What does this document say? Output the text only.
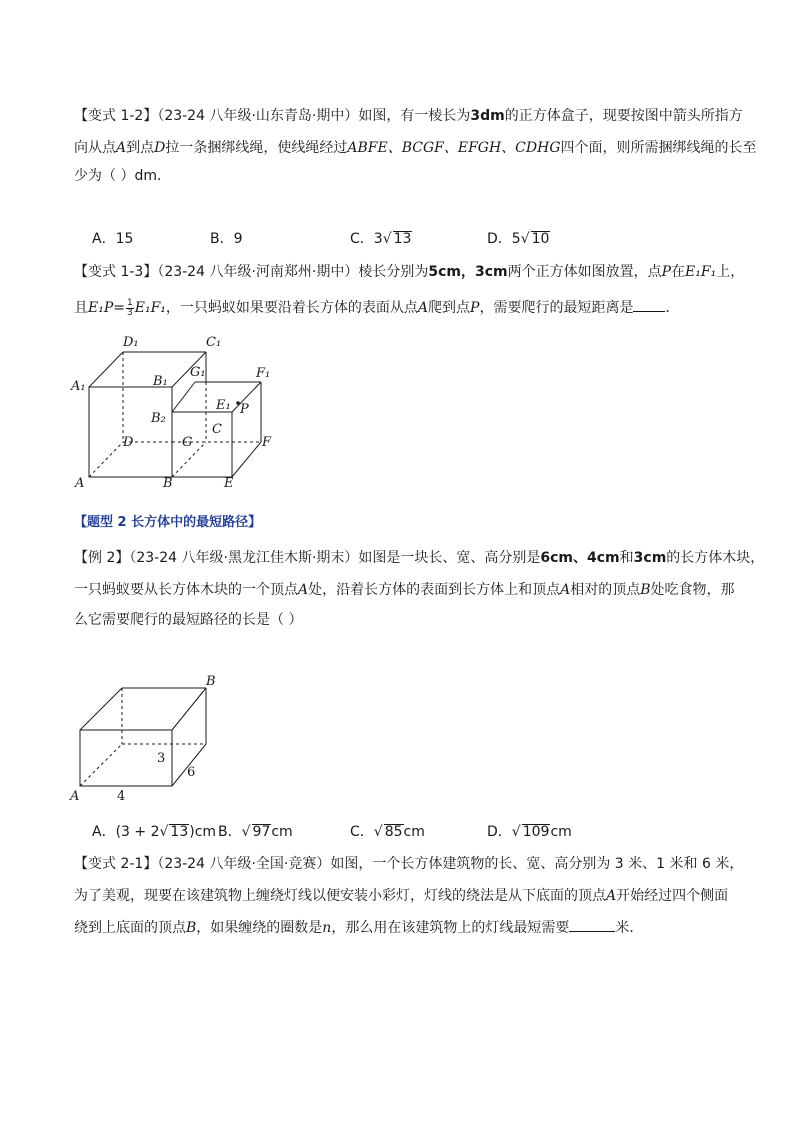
【变式 1-2】（23-24 八年级·山东青岛·期中）如图，有一棱长为3dm的正方体盒子，现要按图中箭头所指方
向从点A到点D拉一条捆绑线绳，使线绳经过ABFE、BCGF、EFGH、CDHG四个面，则所需捆绑线绳的长至
少为（ ）dm．
A．15	B．9	C．3√ 13	D．5√ 10
【变式 1-3】（23-24 八年级·河南郑州·期中）棱长分别为5cm，3cm两个正方体如图放置，点P在E₁F₁上，
且$E_1P= \frac{1}{3} E_1F_1$，一只蚂蚁如果要沿着长方体的表面从点A爬到点P，需要爬行的最短距离是 ．
D₁	C₁
F₁
A₁	B₁
G₁
E₁ P
B₂
C
D	G	F
A	B	E
【题型 2 长方体中的最短路径】
【例 2】（23-24 八年级·黑龙江佳木斯·期末）如图是一块长、宽、高分别是6cm、4cm和3cm的长方体木块，
一只蚂蚁要从长方体木块的一个顶点A处，沿着长方体的表面到长方体上和顶点A相对的顶点B处吃食物，那
么它需要爬行的最短路径的长是（ ）
B
A
3
6
4
A．(3 + 2√ 13)cm B．√ 97cm	C．√ 85cm	D．√ 109cm
【变式 2-1】（23-24 八年级·全国·竞赛）如图，一个长方体建筑物的长、宽、高分别为 3 米、1 米和 6 米，
为了美观，现要在该建筑物上缠绕灯线以便安装小彩灯，灯线的绕法是从下底面的顶点A开始经过四个侧面
绕到上底面的顶点B，如果缠绕的圈数是n，那么用在该建筑物上的灯线最短需要	米．
